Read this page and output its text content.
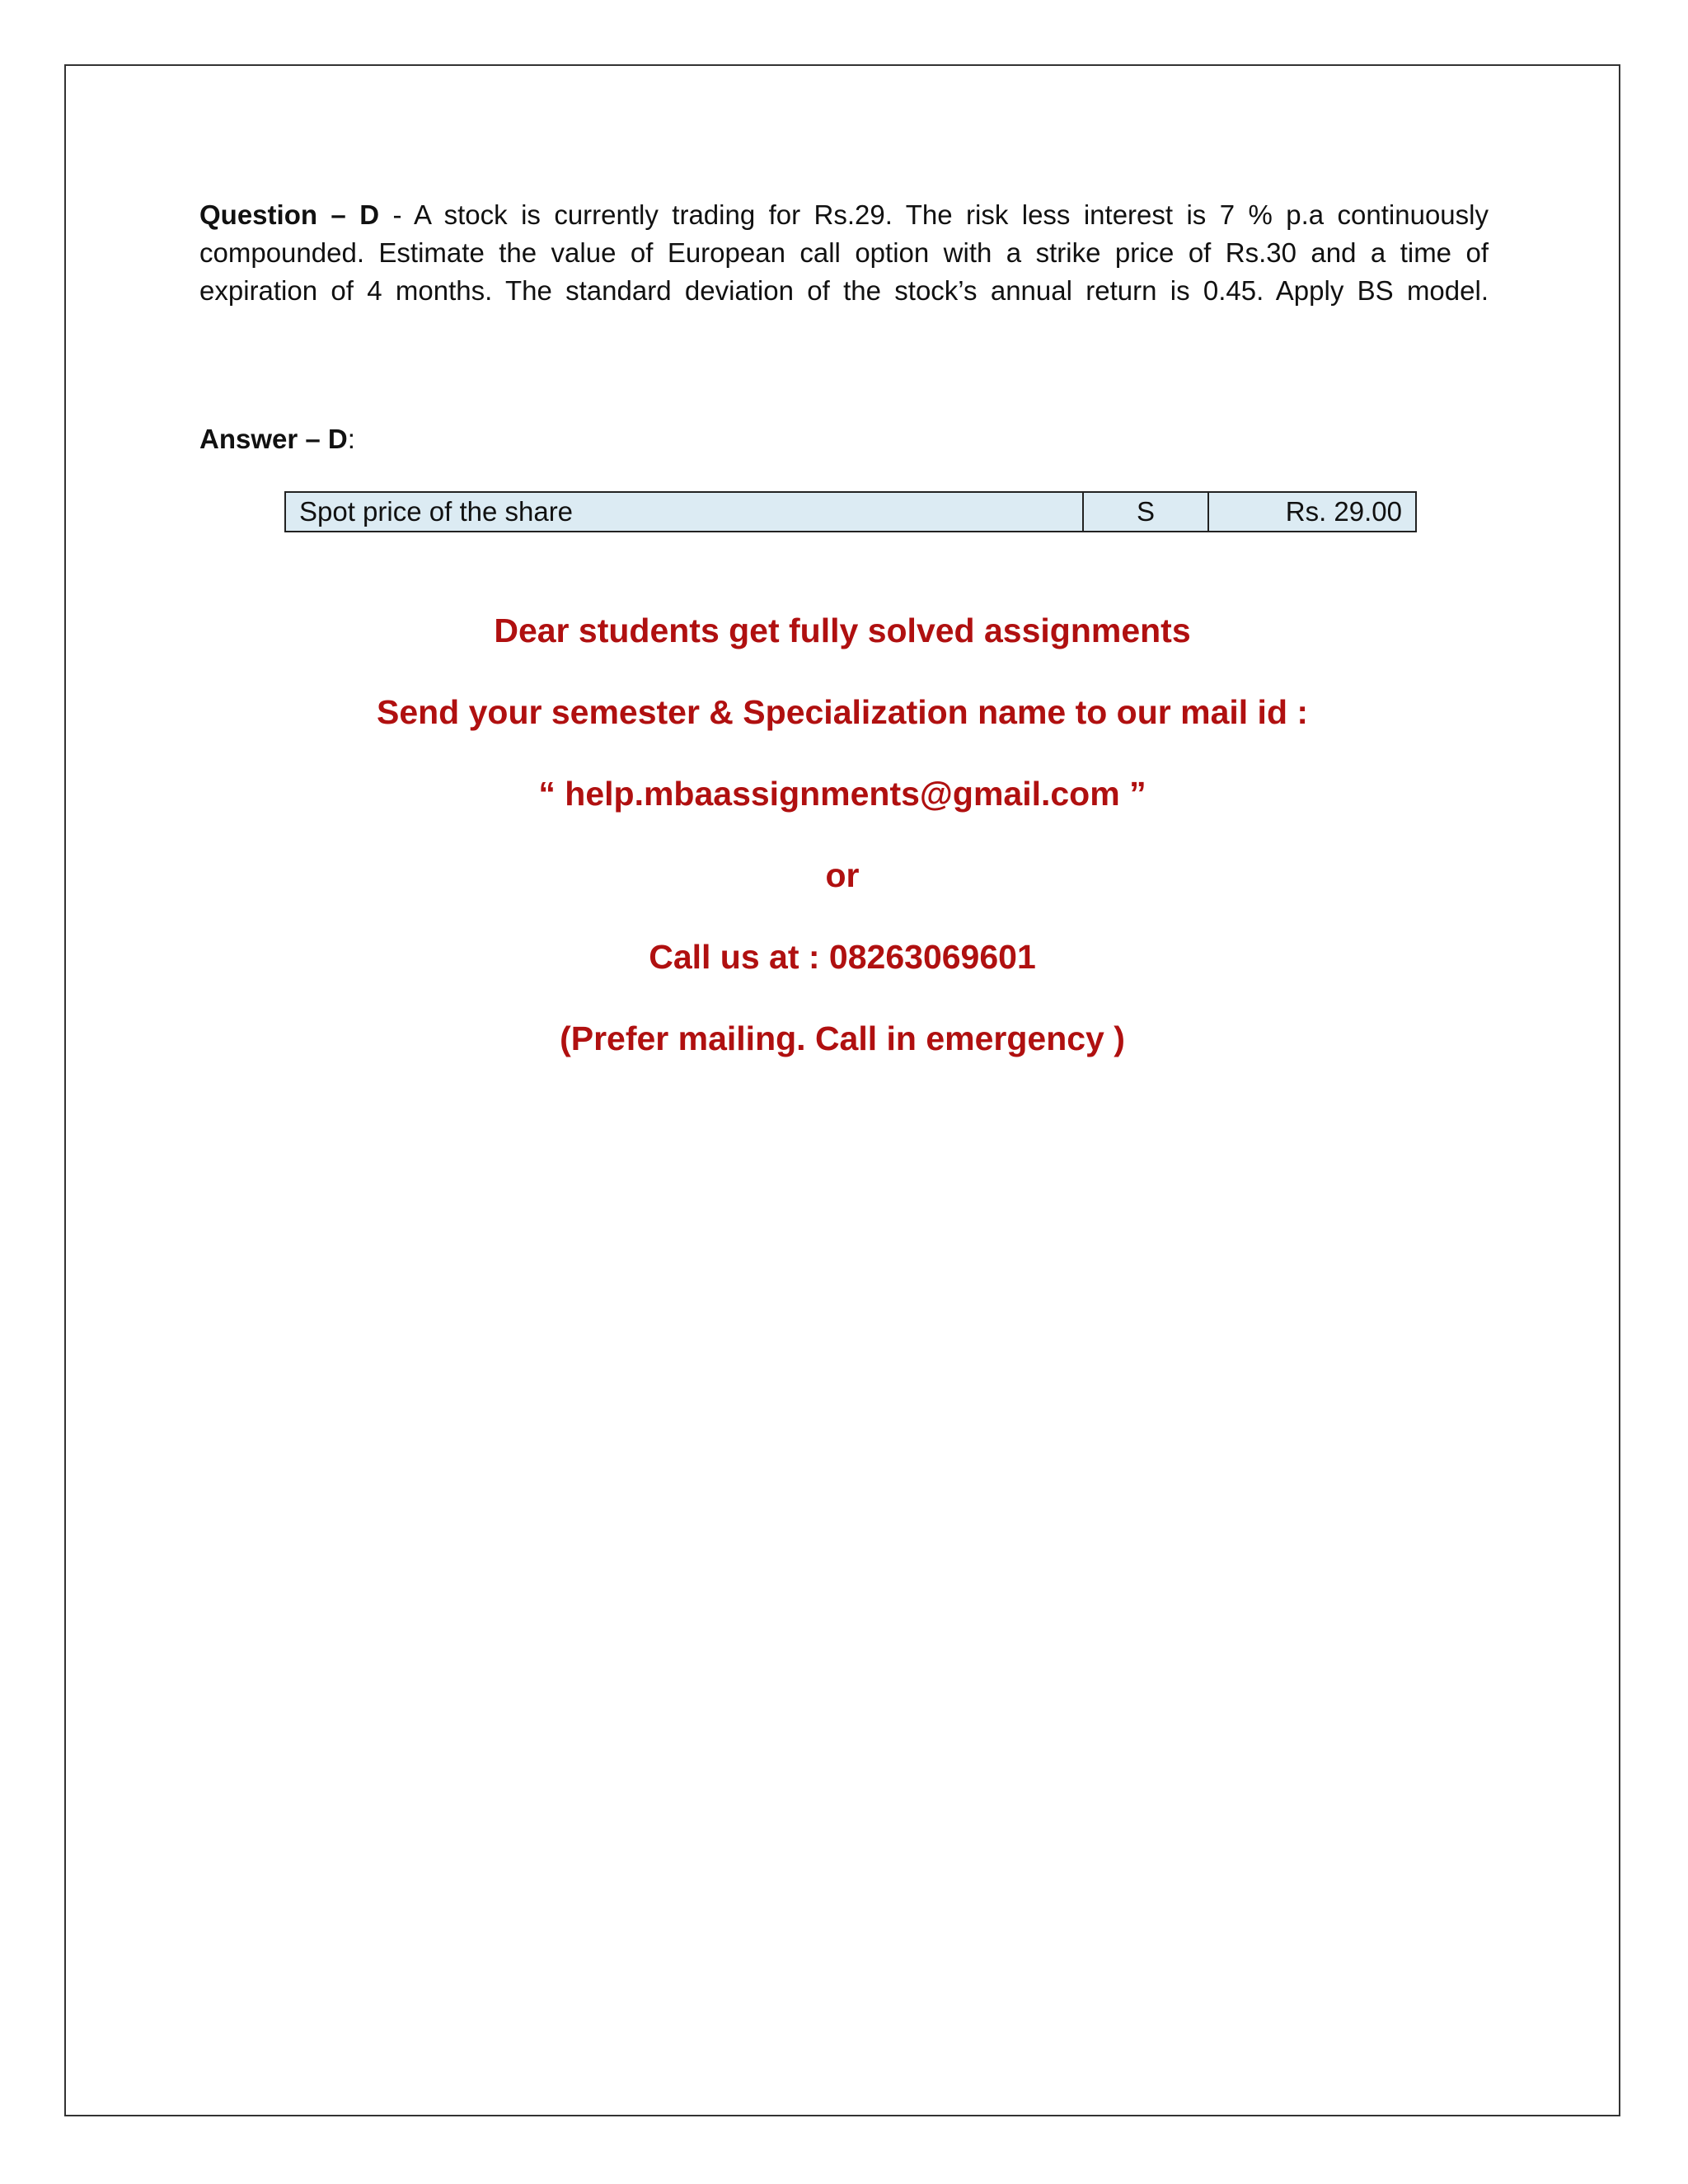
Question – D - A stock is currently trading for Rs.29. The risk less interest is 7 % p.a continuously compounded. Estimate the value of European call option with a strike price of Rs.30 and a time of expiration of 4 months. The standard deviation of the stock’s annual return is 0.45. Apply BS model.

Answer – D:

Spot price of the share	S	Rs. 29.00
Dear students get fully solved assignments
Send your semester & Specialization name to our mail id :
“ help.mbaassignments@gmail.com ”
or
Call us at : 08263069601
(Prefer mailing. Call in emergency )
